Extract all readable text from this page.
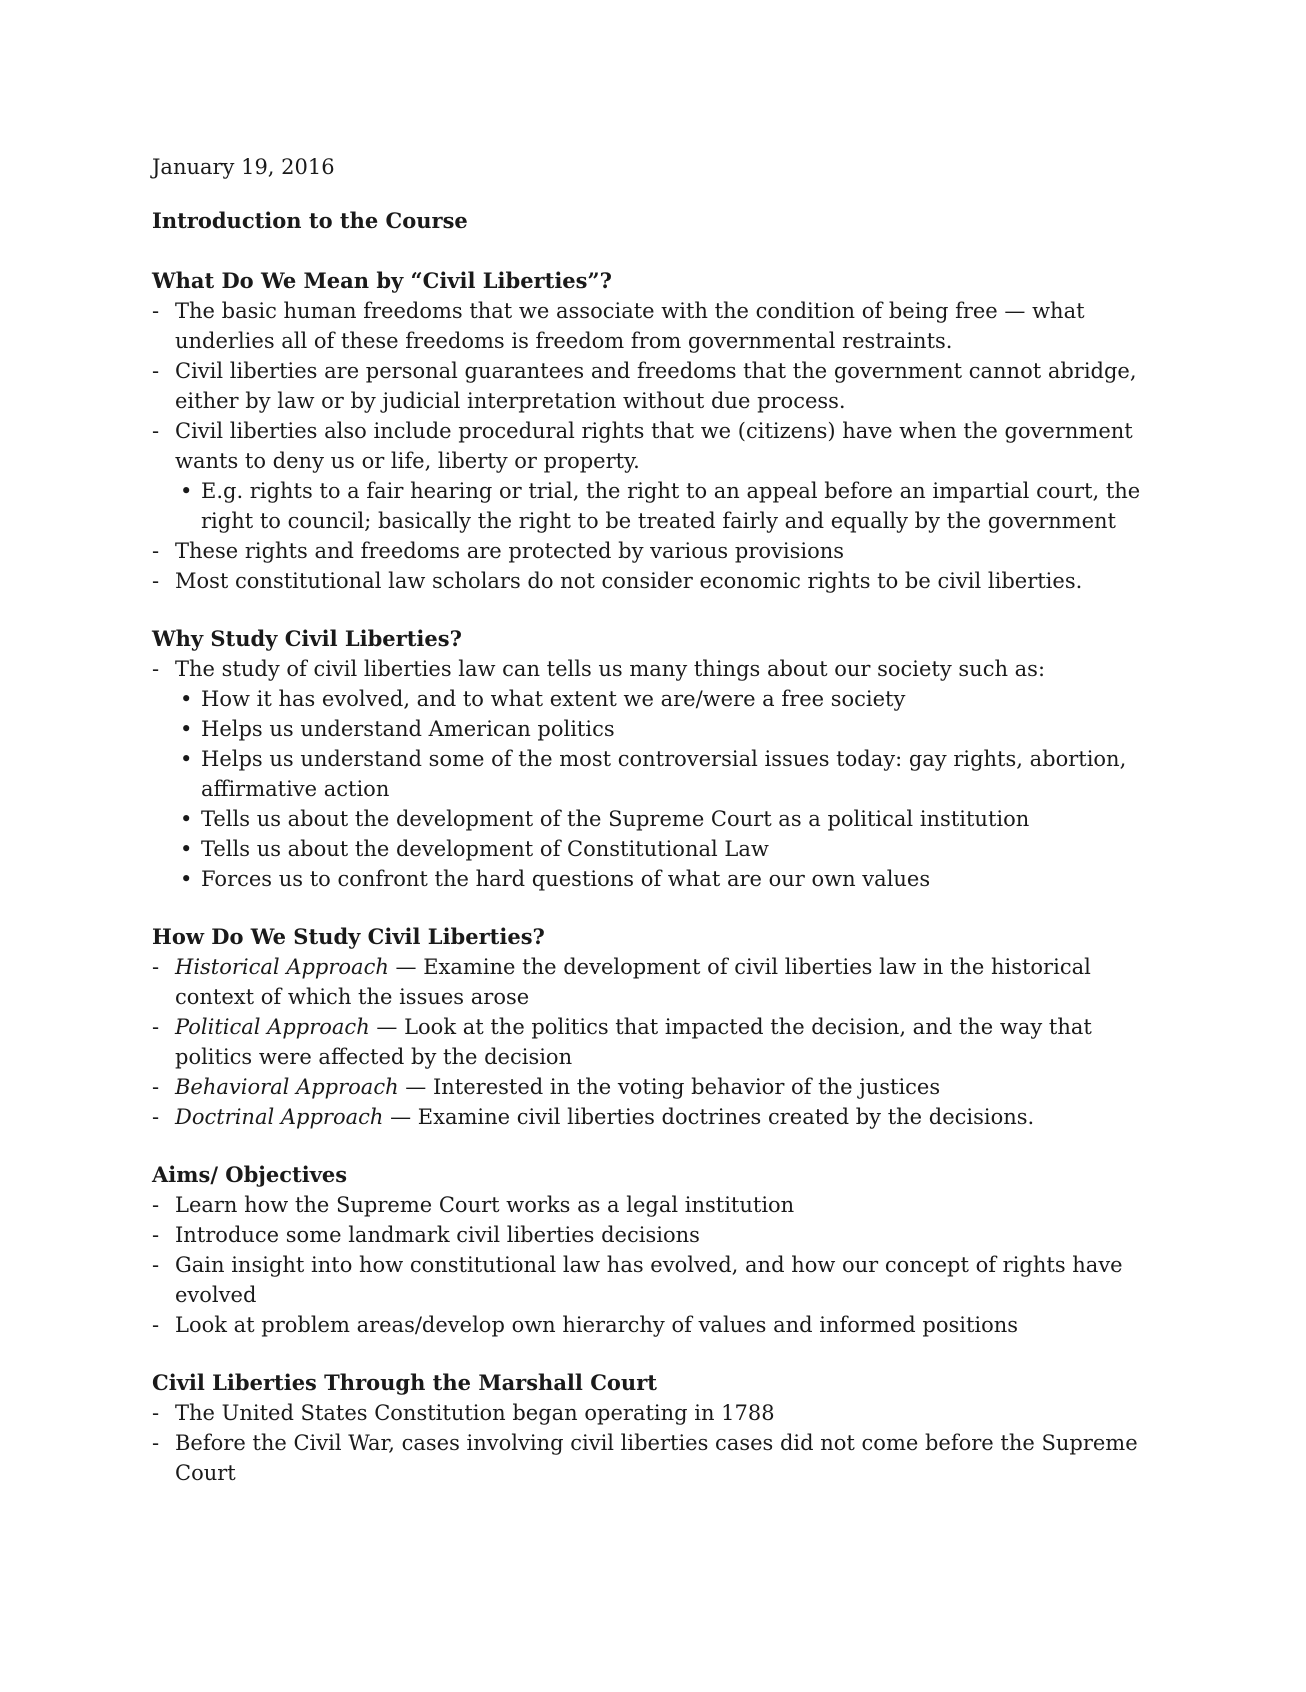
January 19, 2016
Introduction to the Course
What Do We Mean by “Civil Liberties”?
- The basic human freedoms that we associate with the condition of being free — what underlies all of these freedoms is freedom from governmental restraints.
- Civil liberties are personal guarantees and freedoms that the government cannot abridge, either by law or by judicial interpretation without due process.
- Civil liberties also include procedural rights that we (citizens) have when the government wants to deny us or life, liberty or property.
• E.g. rights to a fair hearing or trial, the right to an appeal before an impartial court, the right to council; basically the right to be treated fairly and equally by the government
- These rights and freedoms are protected by various provisions
- Most constitutional law scholars do not consider economic rights to be civil liberties.
Why Study Civil Liberties?
- The study of civil liberties law can tells us many things about our society such as:
• How it has evolved, and to what extent we are/were a free society
• Helps us understand American politics
• Helps us understand some of the most controversial issues today: gay rights, abortion, affirmative action
• Tells us about the development of the Supreme Court as a political institution
• Tells us about the development of Constitutional Law
• Forces us to confront the hard questions of what are our own values
How Do We Study Civil Liberties?
- Historical Approach — Examine the development of civil liberties law in the historical context of which the issues arose
- Political Approach — Look at the politics that impacted the decision, and the way that politics were affected by the decision
- Behavioral Approach — Interested in the voting behavior of the justices
- Doctrinal Approach — Examine civil liberties doctrines created by the decisions.
Aims/ Objectives
- Learn how the Supreme Court works as a legal institution
- Introduce some landmark civil liberties decisions
- Gain insight into how constitutional law has evolved, and how our concept of rights have evolved
- Look at problem areas/develop own hierarchy of values and informed positions
Civil Liberties Through the Marshall Court
- The United States Constitution began operating in 1788
- Before the Civil War, cases involving civil liberties cases did not come before the Supreme Court
